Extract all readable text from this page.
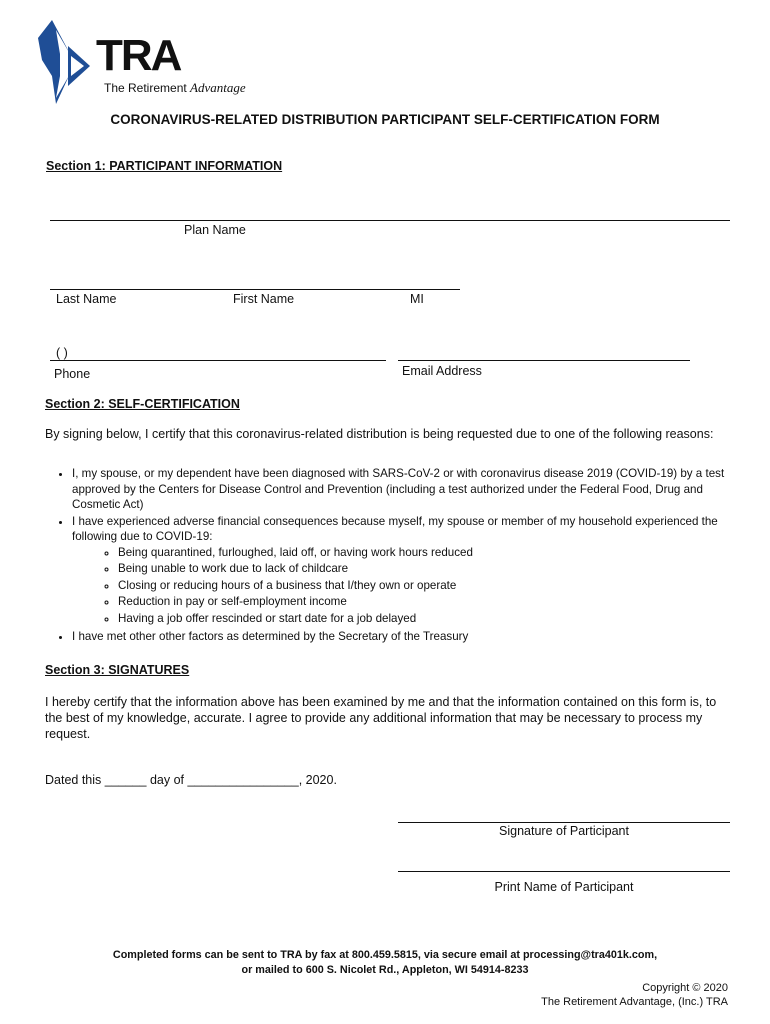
TRA
The Retirement Advantage
CORONAVIRUS-RELATED DISTRIBUTION PARTICIPANT SELF-CERTIFICATION FORM
Section 1: PARTICIPANT INFORMATION
Plan Name
Last Name	First Name	MI
( )
Phone	Email Address
Section 2: SELF-CERTIFICATION
By signing below, I certify that this coronavirus-related distribution is being requested due to one of the following reasons:
• I, my spouse, or my dependent have been diagnosed with SARS-CoV-2 or with coronavirus disease 2019 (COVID-19) by a test approved by the Centers for Disease Control and Prevention (including a test authorized under the Federal Food, Drug and Cosmetic Act)
• I have experienced adverse financial consequences because myself, my spouse or member of my household experienced the following due to COVID-19:
◦ Being quarantined, furloughed, laid off, or having work hours reduced
◦ Being unable to work due to lack of childcare
◦ Closing or reducing hours of a business that I/they own or operate
◦ Reduction in pay or self-employment income
◦ Having a job offer rescinded or start date for a job delayed
• I have met other other factors as determined by the Secretary of the Treasury
Section 3: SIGNATURES
I hereby certify that the information above has been examined by me and that the information contained on this form is, to the best of my knowledge, accurate. I agree to provide any additional information that may be necessary to process my request.
Dated this ______ day of ________________, 2020.
Signature of Participant
Print Name of Participant
Completed forms can be sent to TRA by fax at 800.459.5815, via secure email at processing@tra401k.com,
or mailed to 600 S. Nicolet Rd., Appleton, WI 54914-8233
Copyright © 2020
The Retirement Advantage, (Inc.) TRA
